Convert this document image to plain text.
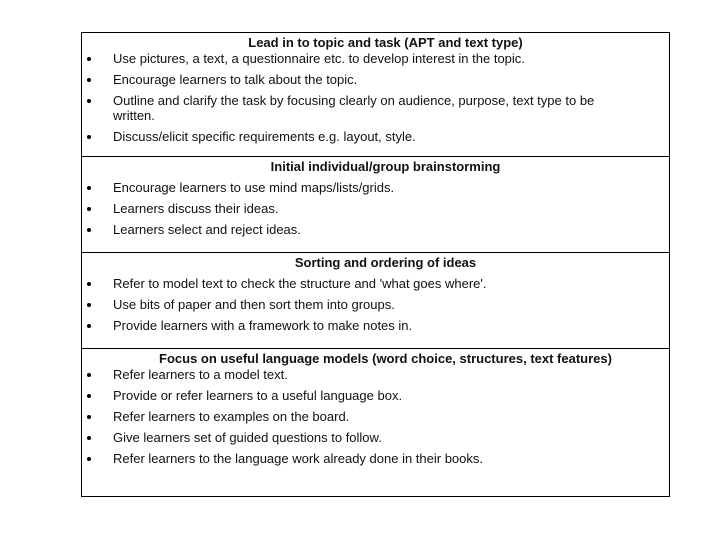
Lead in to topic and task (APT and text type)
Use pictures, a text, a questionnaire etc. to develop interest in the topic.
Encourage learners to talk about the topic.
Outline and clarify the task by focusing clearly on audience, purpose, text type to be written.
Discuss/elicit specific requirements e.g. layout, style.
Initial individual/group brainstorming
Encourage learners to use mind maps/lists/grids.
Learners discuss their ideas.
Learners select and reject ideas.
Sorting and ordering of ideas
Refer to model text to check the structure and 'what goes where'.
Use bits of paper and then sort them into groups.
Provide learners with a framework to make notes in.
Focus on useful language models (word choice, structures, text features)
Refer learners to a model text.
Provide or refer learners to a useful language box.
Refer learners to examples on the board.
Give learners set of guided questions to follow.
Refer learners to the language work already done in their books.
